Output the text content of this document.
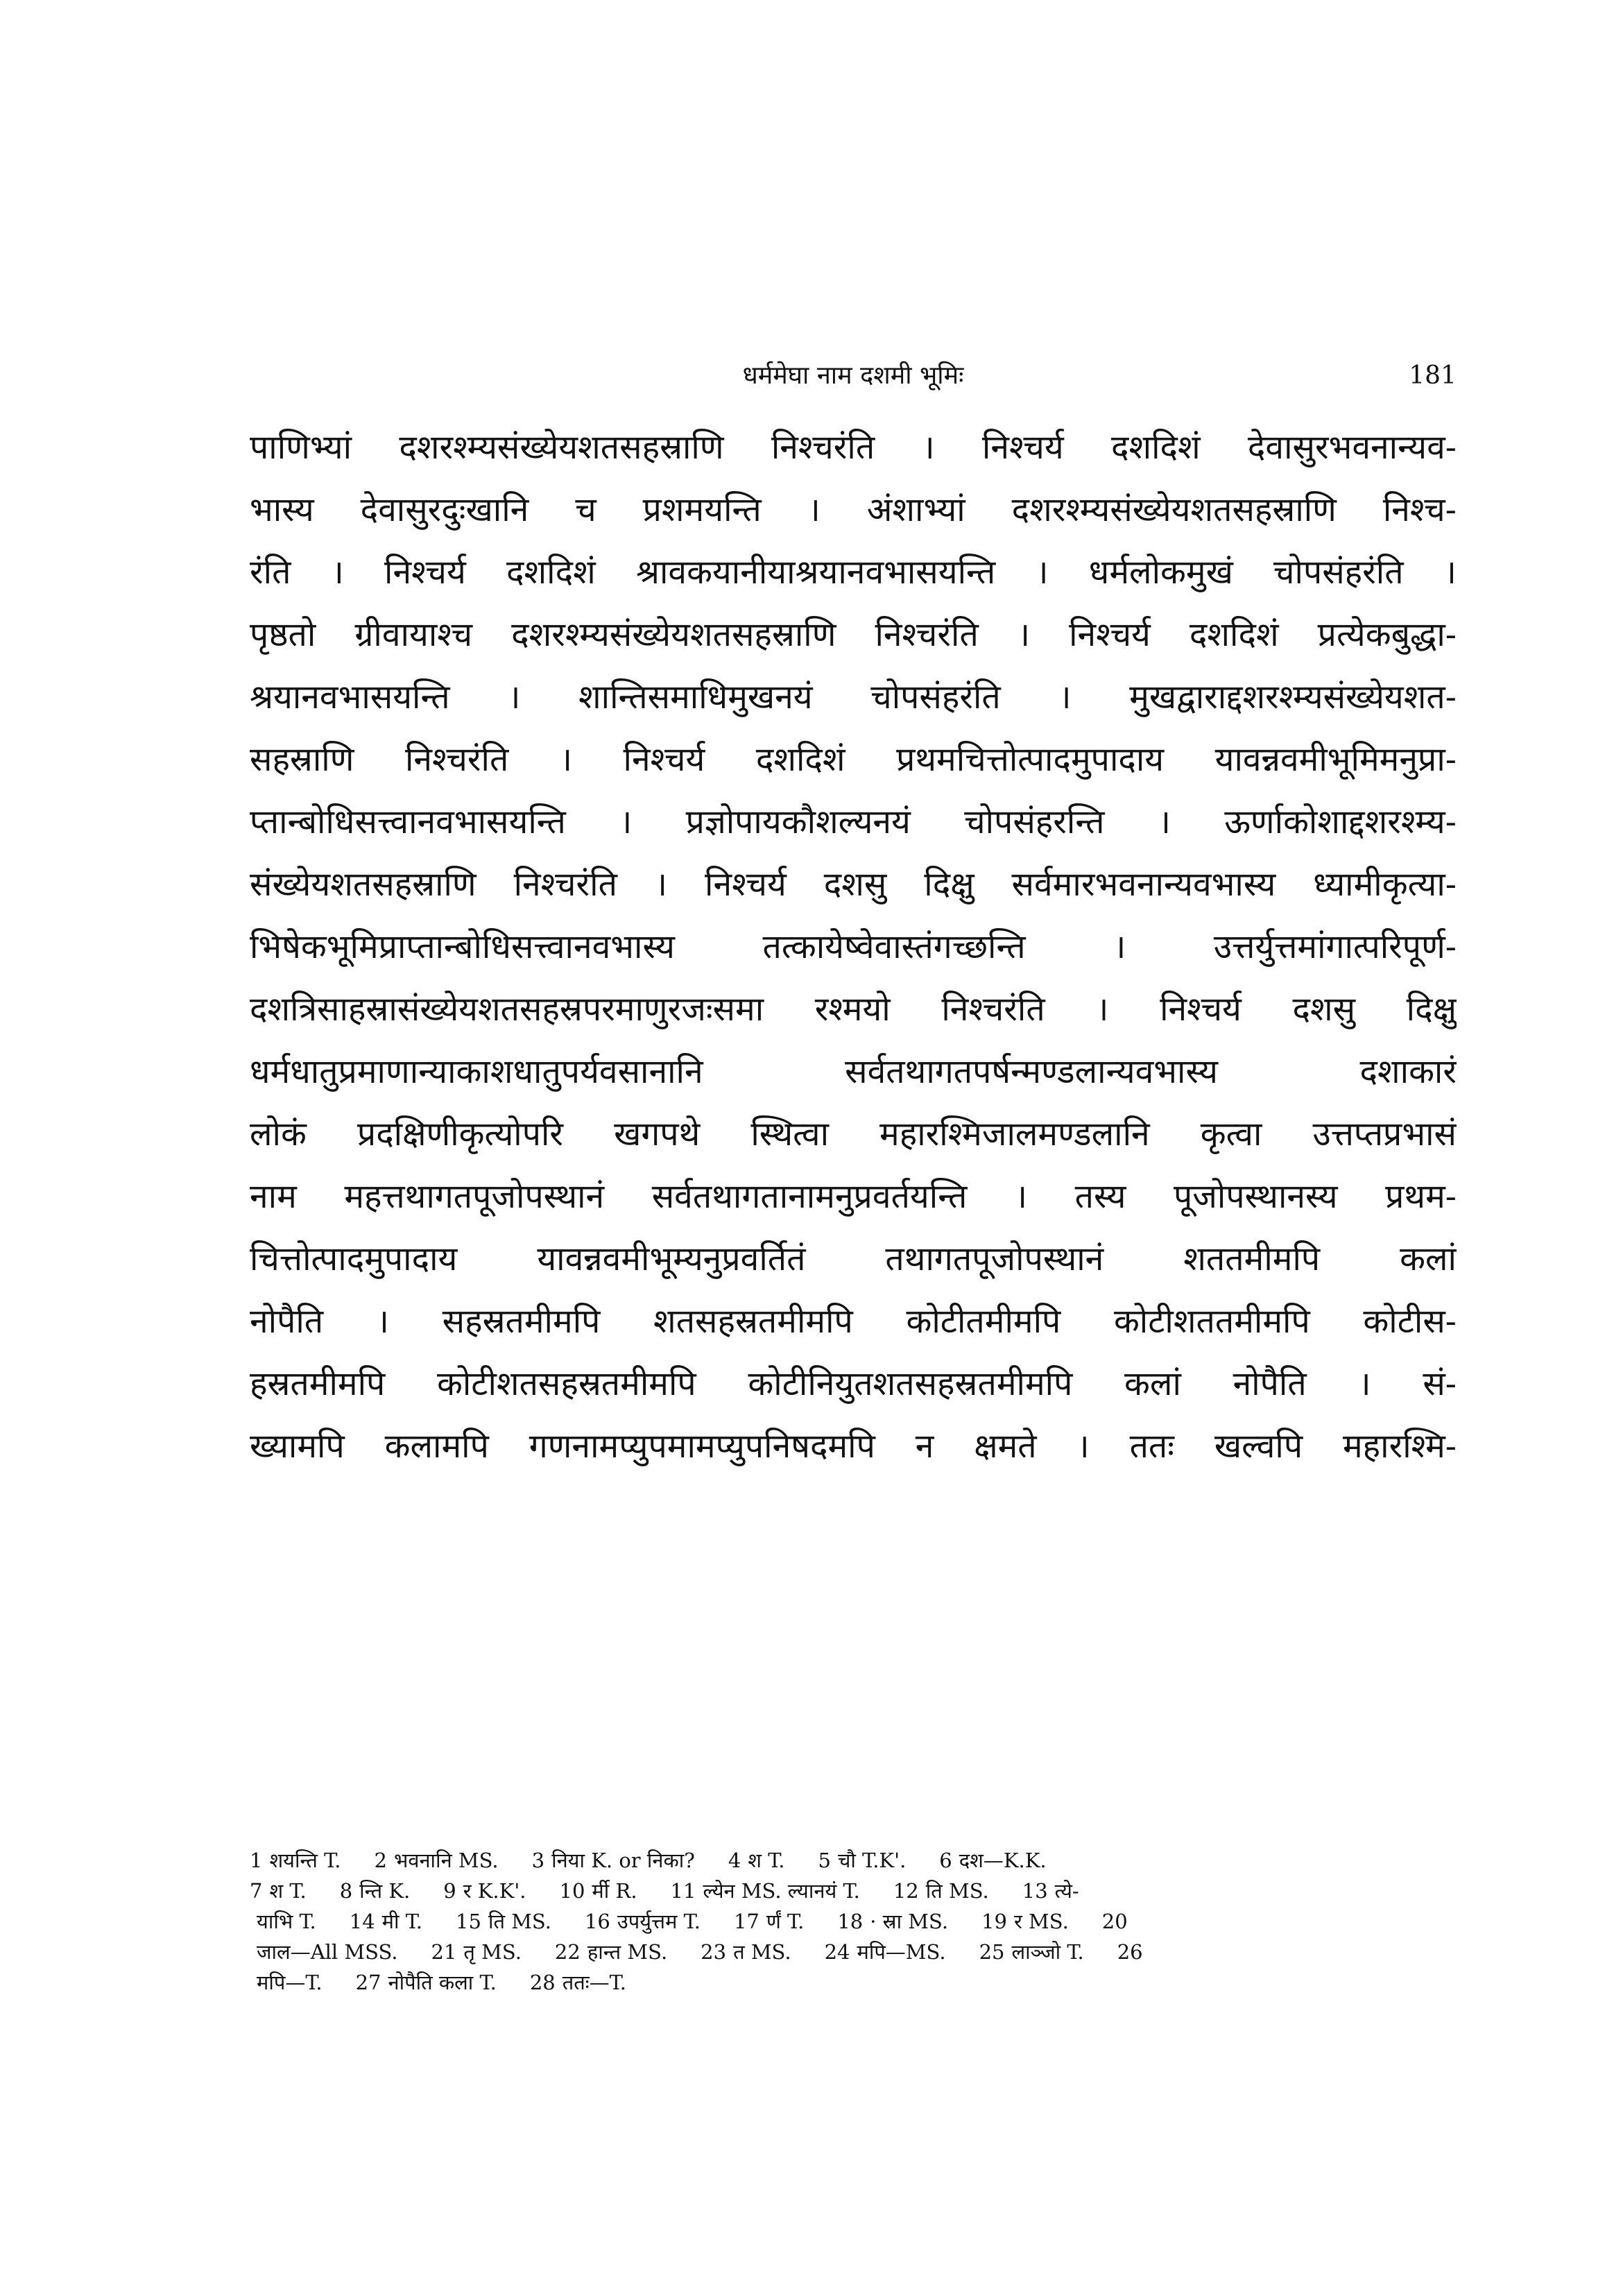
धर्ममेघा नाम दशमी भूमिः	181
पाणिभ्यां दशरश्म्यसंख्येयशतसहस्राणि निश्चरंति । निश्चर्य दशदिशं देवासुरभवनान्यव-
भास्य देवासुरदुःखानि च प्रशमयन्ति । अंशाभ्यां दशरश्म्यसंख्येयशतसहस्राणि निश्च-
रंति । निश्चर्य दशदिशं श्रावकयानीयाश्रयानवभासयन्ति । धर्मलोकमुखं चोपसंहरंति ।
पृष्ठतो ग्रीवायाश्च दशरश्म्यसंख्येयशतसहस्राणि निश्चरंति । निश्चर्य दशदिशं प्रत्येकबुद्धा-
श्रयानवभासयन्ति । शान्तिसमाधिमुखनयं चोपसंहरंति । मुखद्वाराद्दशरश्म्यसंख्येयशत-
सहस्राणि निश्चरंति । निश्चर्य दशदिशं प्रथमचित्तोत्पादमुपादाय यावन्नवमीभूमिमनुप्रा-
प्तान्बोधिसत्त्वानवभासयन्ति । प्रज्ञोपायकौशल्यनयं चोपसंहरन्ति । ऊर्णाकोशाद्दशरश्म्य-
संख्येयशतसहस्राणि निश्चरंति । निश्चर्य दशसु दिक्षु सर्वमारभवनान्यवभास्य ध्यामीकृत्या-
भिषेकभूमिप्राप्तान्बोधिसत्त्वानवभास्य तत्कायेष्वेवास्तंगच्छन्ति । उत्तर्युत्तमांगात्परिपूर्ण-
दशत्रिसाहस्रासंख्येयशतसहस्रपरमाणुरजःसमा रश्मयो निश्चरंति । निश्चर्य दशसु दिक्षु
धर्मधातुप्रमाणान्याकाशधातुपर्यवसानानि सर्वतथागतपर्षन्मण्डलान्यवभास्य दशाकारं
लोकं प्रदक्षिणीकृत्योपरि खगपथे स्थित्वा महारश्मिजालमण्डलानि कृत्वा उत्तप्तप्रभासं
नाम महत्तथागतपूजोपस्थानं सर्वतथागतानामनुप्रवर्तयन्ति । तस्य पूजोपस्थानस्य प्रथम-
चित्तोत्पादमुपादाय यावन्नवमीभूम्यनुप्रवर्तितं तथागतपूजोपस्थानं शततमीमपि कलां
नोपैति । सहस्रतमीमपि शतसहस्रतमीमपि कोटीतमीमपि कोटीशततमीमपि कोटीस-
हस्रतमीमपि कोटीशतसहस्रतमीमपि कोटीनियुतशतसहस्रतमीमपि कलां नोपैति । सं-
ख्यामपि कलामपि गणनामप्युपमामप्युपनिषदमपि न क्षमते । ततः खल्वपि महारश्मि-
1 शयन्ति T. 2 भवनानि MS. 3 निया K. or निका? 4 श T. 5 चौ T.K'. 6 दश—K.K.
7 श T. 8 न्ति K. 9 र K.K'. 10 र्मी R. 11 ल्येन MS. ल्यानयं T. 12 ति MS. 13 त्ये-
याभि T. 14 मी T. 15 ति MS. 16 उपर्युत्तम T. 17 र्णं T. 18 · स्रा MS. 19 र MS. 20
जाल—All MSS. 21 तृ MS. 22 हान्त MS. 23 त MS. 24 मपि—MS. 25 लाञ्जो T. 26
मपि—T. 27 नोपैति कला T. 28 ततः—T.
